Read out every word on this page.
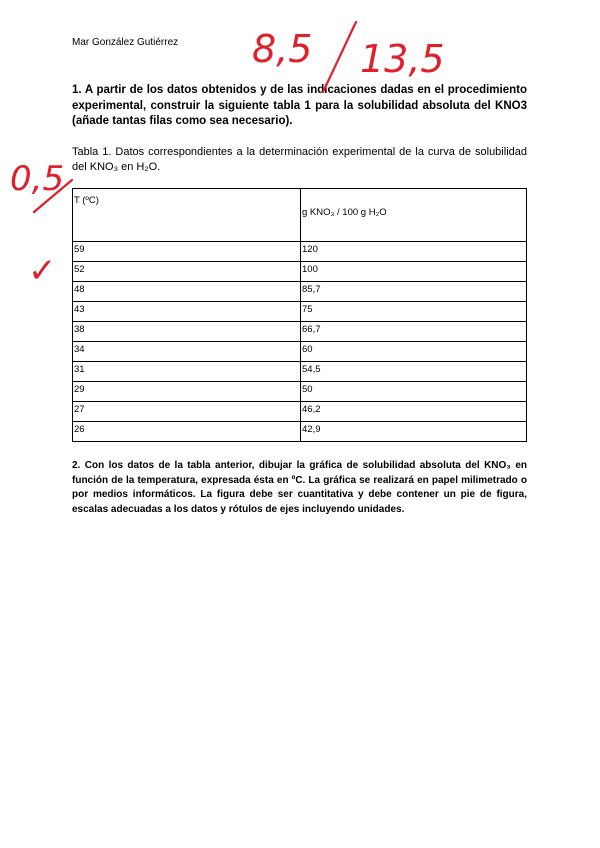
Mar González Gutiérrez
1. A partir de los datos obtenidos y de las indicaciones dadas en el procedimiento experimental, construir la siguiente tabla 1 para la solubilidad absoluta del KNO3 (añade tantas filas como sea necesario).
Tabla 1. Datos correspondientes a la determinación experimental de la curva de solubilidad del KNO₃ en H₂O.
T (ºC)	g KNO₃ / 100 g H₂O
59	120
52	100
48	85,7
43	75
38	66,7
34	60
31	54,5
29	50
27	46,2
26	42,9
2. Con los datos de la tabla anterior, dibujar la gráfica de solubilidad absoluta del KNO₃ en función de la temperatura, expresada ésta en ºC. La gráfica se realizará en papel milimetrado o por medios informáticos. La figura debe ser cuantitativa y debe contener un pie de figura, escalas adecuadas a los datos y rótulos de ejes incluyendo unidades.
8,5 13,5
0,5
✓
